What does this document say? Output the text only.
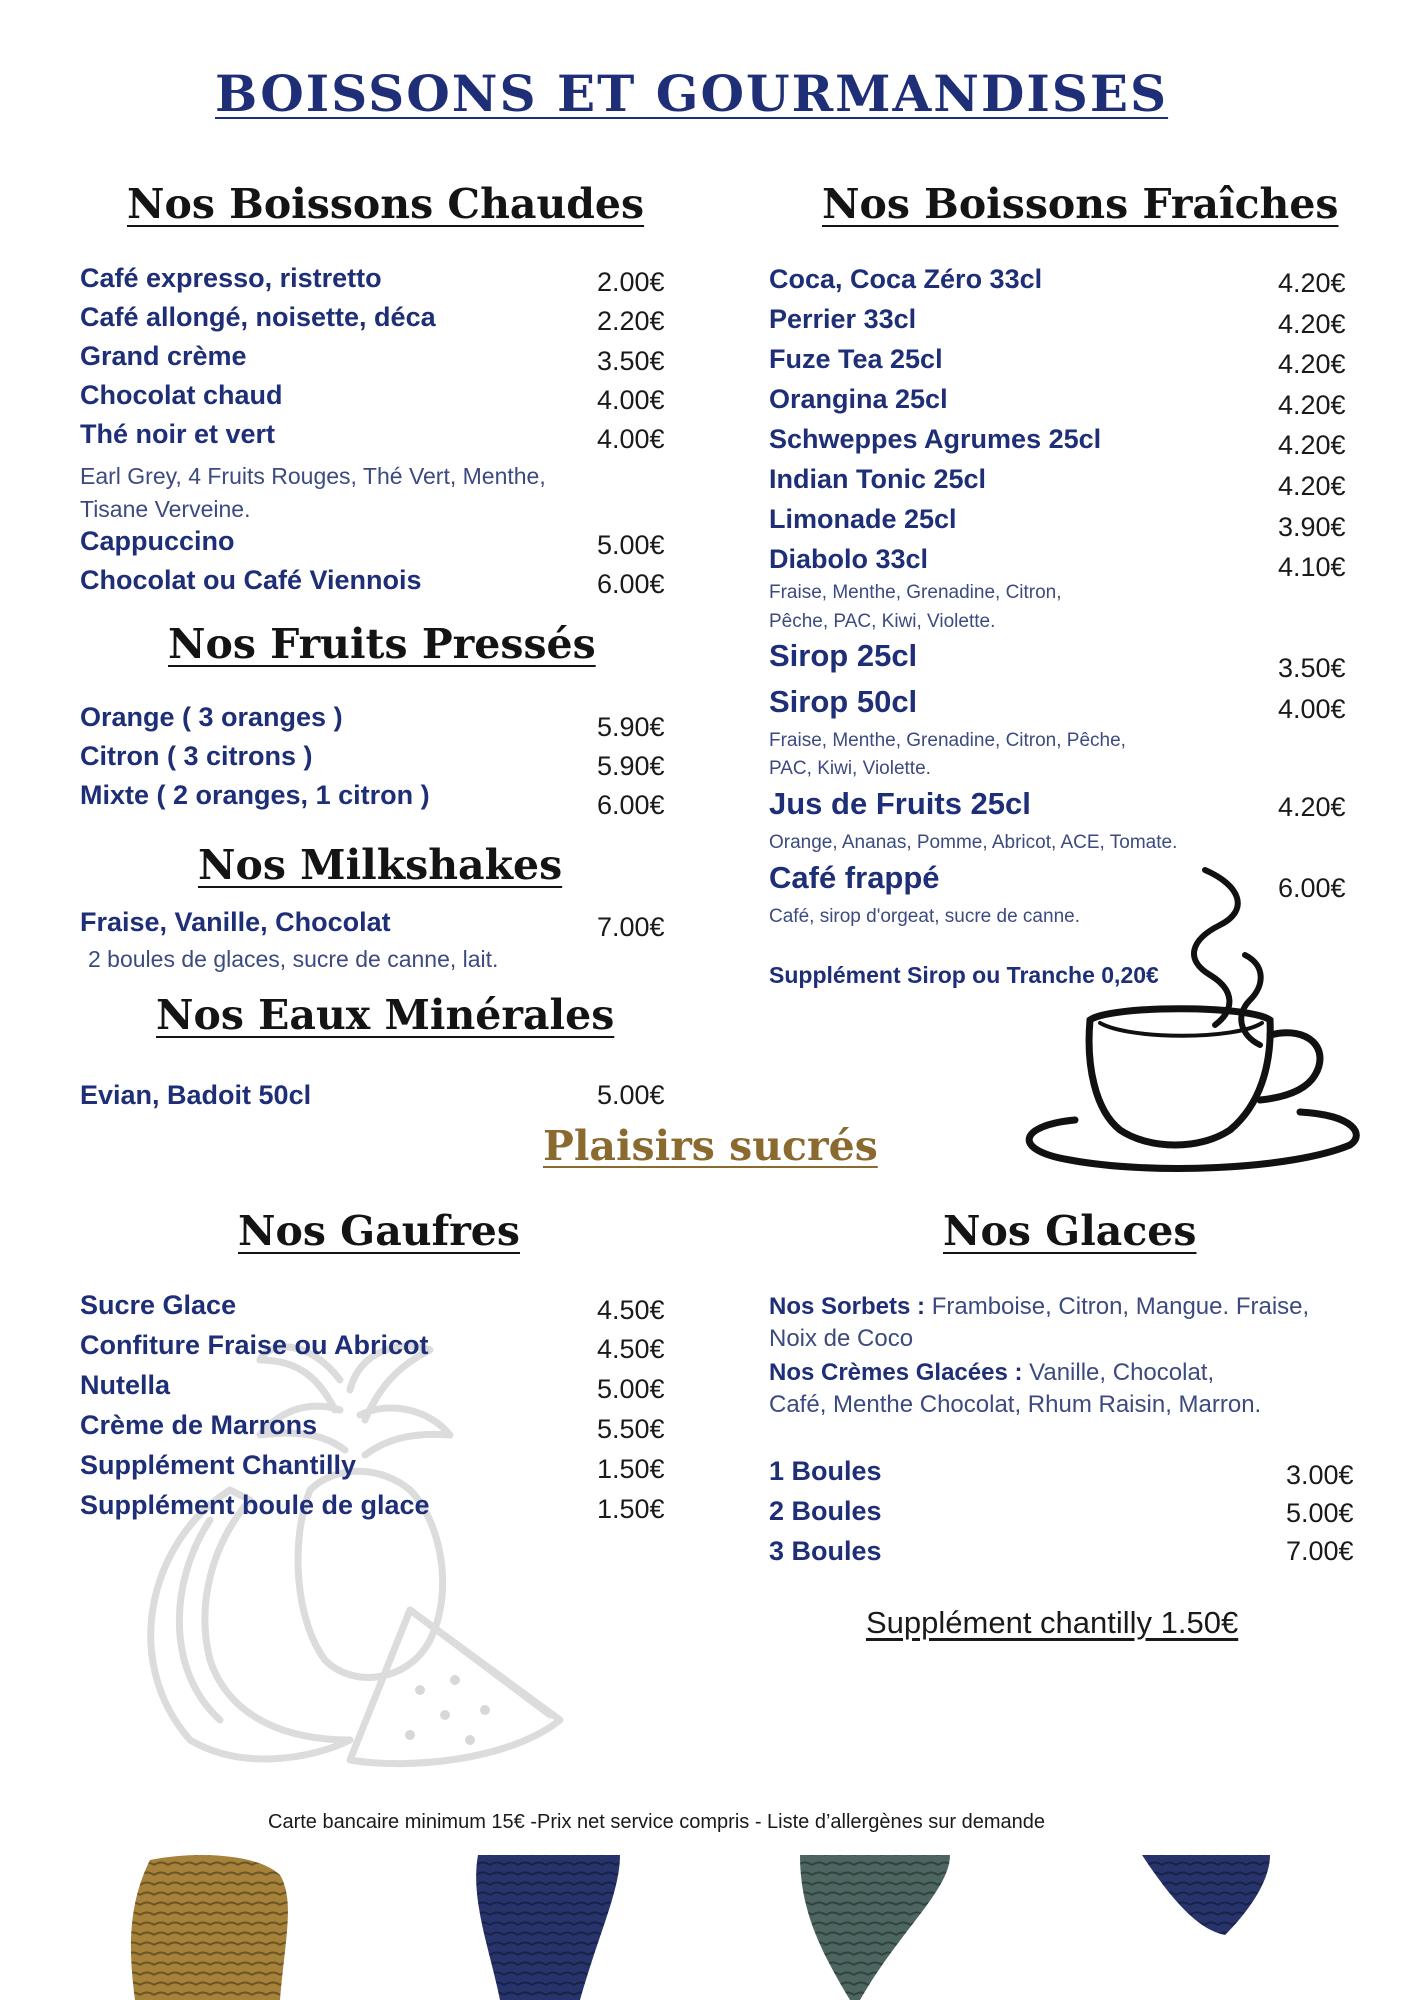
BOISSONS ET GOURMANDISES
Nos Boissons Chaudes
Café expresso, ristretto	2.00€
Café allongé, noisette, déca	2.20€
Grand crème	3.50€
Chocolat chaud	4.00€
Thé noir et vert	4.00€
Earl Grey, 4 Fruits Rouges, Thé Vert, Menthe,
Tisane Verveine.
Cappuccino	5.00€
Chocolat ou Café Viennois	6.00€
Nos Fruits Pressés
Orange ( 3 oranges )	5.90€
Citron ( 3 citrons )	5.90€
Mixte ( 2 oranges, 1 citron )	6.00€
Nos Milkshakes
Fraise, Vanille, Chocolat	7.00€
2 boules de glaces, sucre de canne, lait.
Nos Eaux Minérales
Evian, Badoit 50cl	5.00€
Nos Boissons Fraîches
Coca, Coca Zéro 33cl	4.20€
Perrier 33cl	4.20€
Fuze Tea 25cl	4.20€
Orangina 25cl	4.20€
Schweppes Agrumes 25cl	4.20€
Indian Tonic 25cl	4.20€
Limonade 25cl	3.90€
Diabolo 33cl	4.10€
Fraise, Menthe, Grenadine, Citron,
Pêche, PAC, Kiwi, Violette.
Sirop 25cl	3.50€
Sirop 50cl	4.00€
Fraise, Menthe, Grenadine, Citron, Pêche,
PAC, Kiwi, Violette.
Jus de Fruits 25cl	4.20€
Orange, Ananas, Pomme, Abricot, ACE, Tomate.
Café frappé	6.00€
Café, sirop d'orgeat, sucre de canne.
Supplément Sirop ou Tranche 0,20€
Plaisirs sucrés
Nos Gaufres
Sucre Glace	4.50€
Confiture Fraise ou Abricot	4.50€
Nutella	5.00€
Crème de Marrons	5.50€
Supplément Chantilly	1.50€
Supplément boule de glace	1.50€
Nos Glaces
Nos Sorbets : Framboise, Citron, Mangue. Fraise,
Noix de Coco
Nos Crèmes Glacées : Vanille, Chocolat,
Café, Menthe Chocolat, Rhum Raisin, Marron.
1 Boules	3.00€
2 Boules	5.00€
3 Boules	7.00€
Supplément chantilly 1.50€
Carte bancaire minimum 15€ -Prix net service compris - Liste d’allergènes sur demande
